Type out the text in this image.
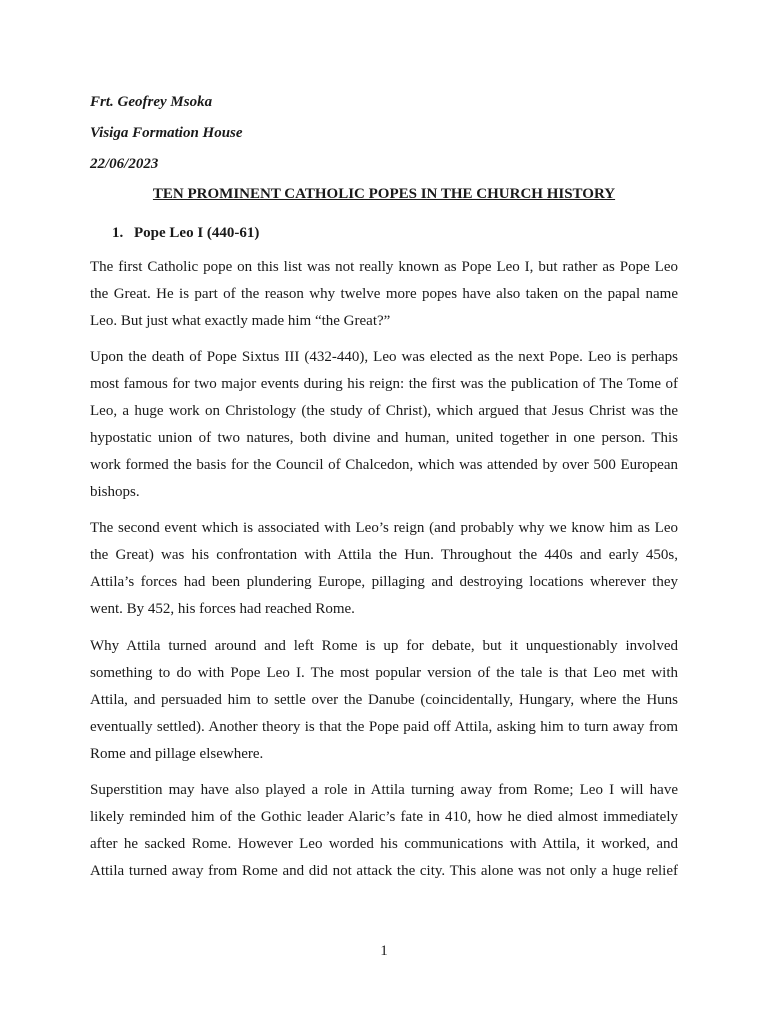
Frt. Geofrey Msoka
Visiga Formation House
22/06/2023
TEN PROMINENT CATHOLIC POPES IN THE CHURCH HISTORY
1. Pope Leo I (440-61)
The first Catholic pope on this list was not really known as Pope Leo I, but rather as Pope Leo
the Great. He is part of the reason why twelve more popes have also taken on the papal name
Leo. But just what exactly made him “the Great?”
Upon the death of Pope Sixtus III (432-440), Leo was elected as the next Pope. Leo is perhaps
most famous for two major events during his reign: the first was the publication of The Tome of
Leo, a huge work on Christology (the study of Christ), which argued that Jesus Christ was the
hypostatic union of two natures, both divine and human, united together in one person. This
work formed the basis for the Council of Chalcedon, which was attended by over 500 European
bishops.
The second event which is associated with Leo’s reign (and probably why we know him as Leo
the Great) was his confrontation with Attila the Hun. Throughout the 440s and early 450s,
Attila’s forces had been plundering Europe, pillaging and destroying locations wherever they
went. By 452, his forces had reached Rome.
Why Attila turned around and left Rome is up for debate, but it unquestionably involved
something to do with Pope Leo I. The most popular version of the tale is that Leo met with
Attila, and persuaded him to settle over the Danube (coincidentally, Hungary, where the Huns
eventually settled). Another theory is that the Pope paid off Attila, asking him to turn away from
Rome and pillage elsewhere.
Superstition may have also played a role in Attila turning away from Rome; Leo I will have
likely reminded him of the Gothic leader Alaric’s fate in 410, how he died almost immediately
after he sacked Rome. However Leo worded his communications with Attila, it worked, and
Attila turned away from Rome and did not attack the city. This alone was not only a huge relief
1
